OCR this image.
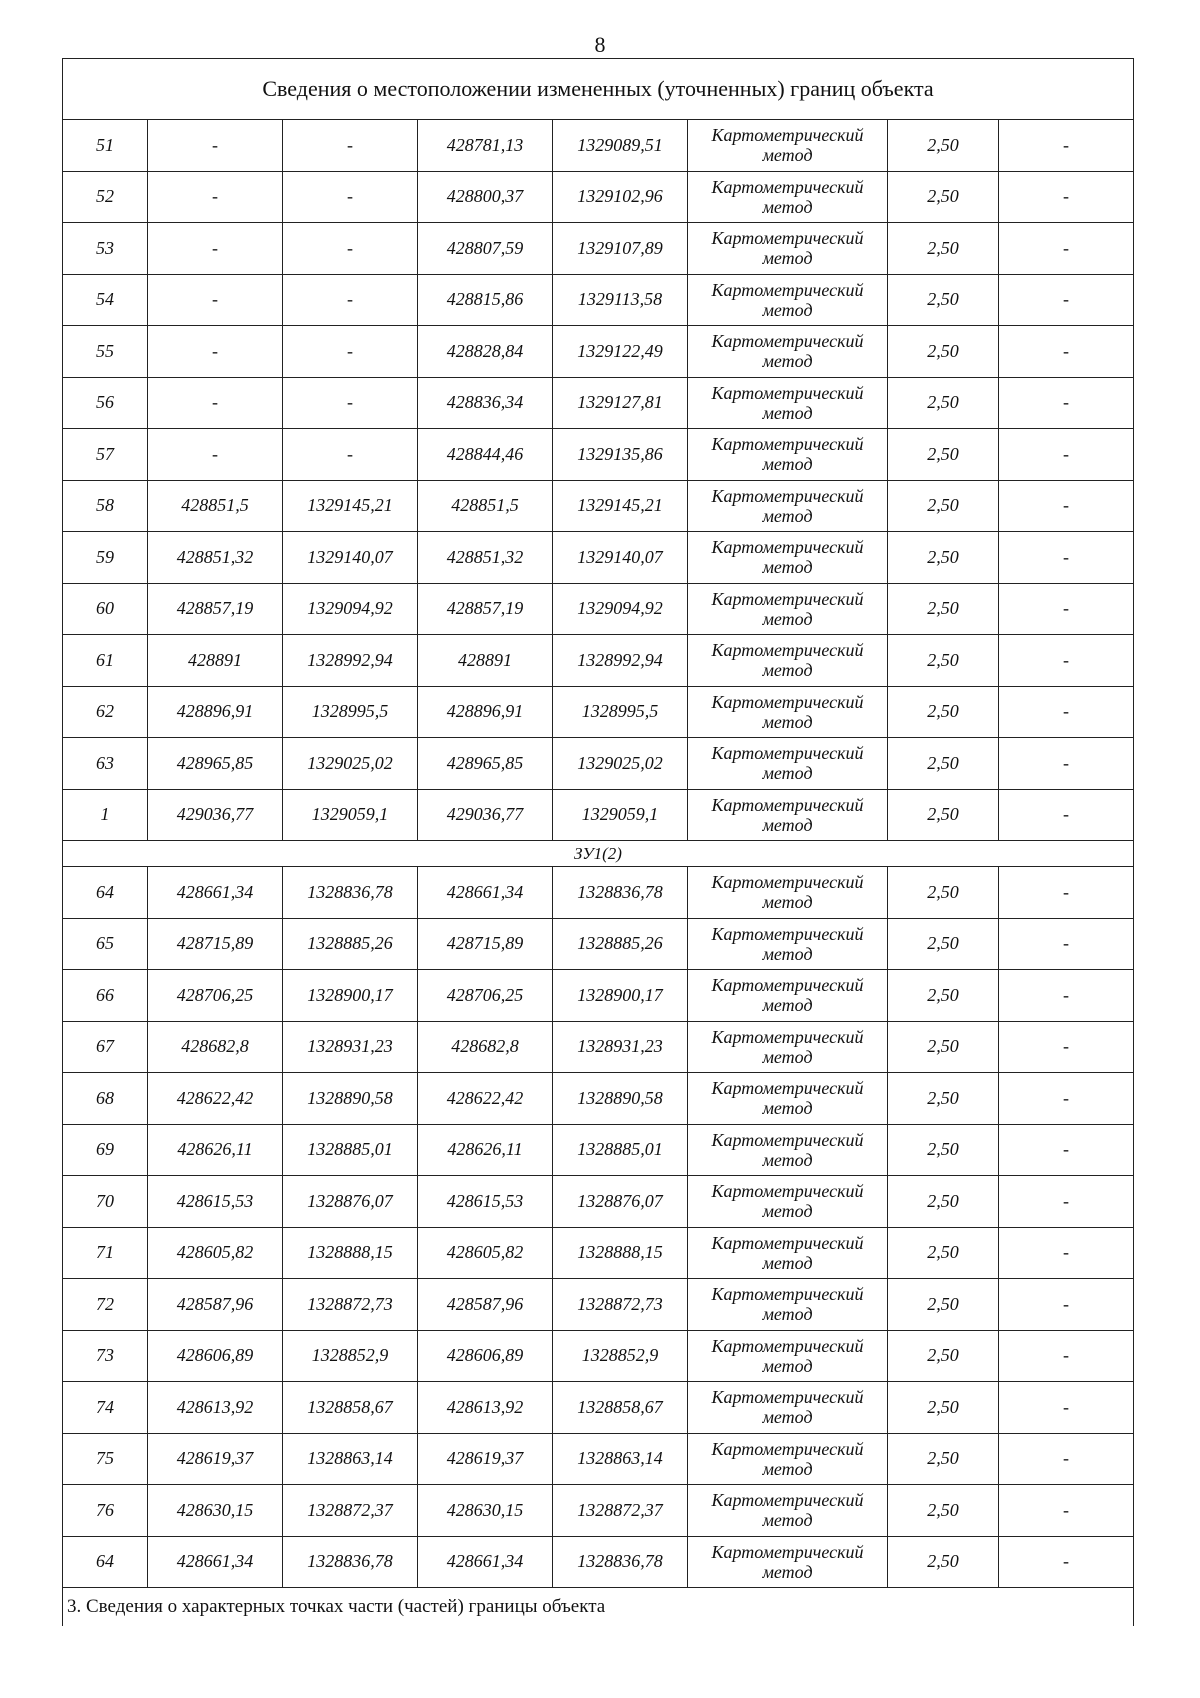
8
Сведения о местоположении измененных (уточненных) границ объекта							
51	-	-	428781,13	1329089,51	Картометрический
метод	2,50	-
52	-	-	428800,37	1329102,96	Картометрический
метод	2,50	-
53	-	-	428807,59	1329107,89	Картометрический
метод	2,50	-
54	-	-	428815,86	1329113,58	Картометрический
метод	2,50	-
55	-	-	428828,84	1329122,49	Картометрический
метод	2,50	-
56	-	-	428836,34	1329127,81	Картометрический
метод	2,50	-
57	-	-	428844,46	1329135,86	Картометрический
метод	2,50	-
58	428851,5	1329145,21	428851,5	1329145,21	Картометрический
метод	2,50	-
59	428851,32	1329140,07	428851,32	1329140,07	Картометрический
метод	2,50	-
60	428857,19	1329094,92	428857,19	1329094,92	Картометрический
метод	2,50	-
61	428891	1328992,94	428891	1328992,94	Картометрический
метод	2,50	-
62	428896,91	1328995,5	428896,91	1328995,5	Картометрический
метод	2,50	-
63	428965,85	1329025,02	428965,85	1329025,02	Картометрический
метод	2,50	-
1	429036,77	1329059,1	429036,77	1329059,1	Картометрический
метод	2,50	-
ЗУ1(2)							
64	428661,34	1328836,78	428661,34	1328836,78	Картометрический
метод	2,50	-
65	428715,89	1328885,26	428715,89	1328885,26	Картометрический
метод	2,50	-
66	428706,25	1328900,17	428706,25	1328900,17	Картометрический
метод	2,50	-
67	428682,8	1328931,23	428682,8	1328931,23	Картометрический
метод	2,50	-
68	428622,42	1328890,58	428622,42	1328890,58	Картометрический
метод	2,50	-
69	428626,11	1328885,01	428626,11	1328885,01	Картометрический
метод	2,50	-
70	428615,53	1328876,07	428615,53	1328876,07	Картометрический
метод	2,50	-
71	428605,82	1328888,15	428605,82	1328888,15	Картометрический
метод	2,50	-
72	428587,96	1328872,73	428587,96	1328872,73	Картометрический
метод	2,50	-
73	428606,89	1328852,9	428606,89	1328852,9	Картометрический
метод	2,50	-
74	428613,92	1328858,67	428613,92	1328858,67	Картометрический
метод	2,50	-
75	428619,37	1328863,14	428619,37	1328863,14	Картометрический
метод	2,50	-
76	428630,15	1328872,37	428630,15	1328872,37	Картометрический
метод	2,50	-
64	428661,34	1328836,78	428661,34	1328836,78	Картометрический
метод	2,50	-
3. Сведения о характерных точках части (частей) границы объекта							
